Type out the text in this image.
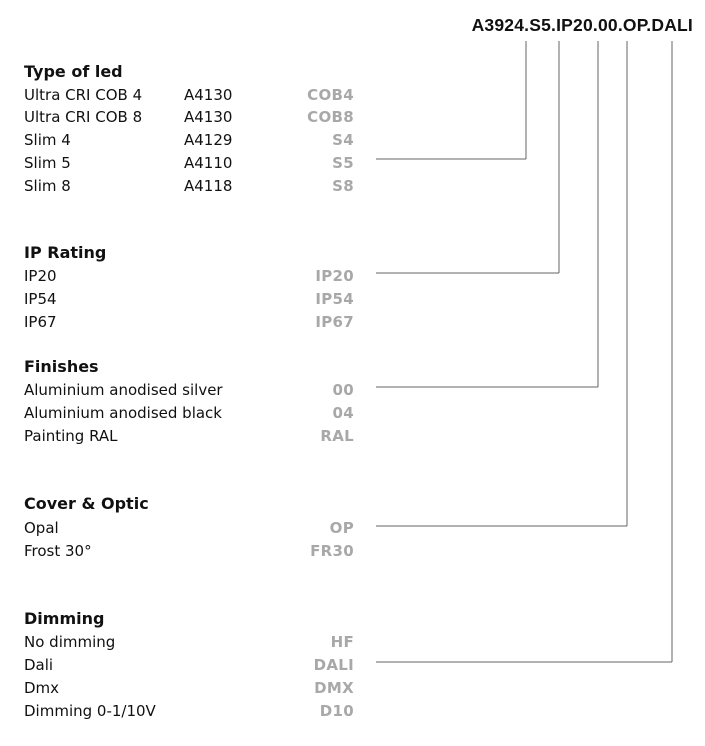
A3924.S5.IP20.00.OP.DALI
Type of led
Ultra CRI COB 4	A4130	COB4
Ultra CRI COB 8	A4130	COB8
Slim 4	A4129	S4
Slim 5	A4110	S5
Slim 8	A4118	S8
IP Rating
IP20	IP20
IP54	IP54
IP67	IP67
Finishes
Aluminium anodised silver	00
Aluminium anodised black	04
Painting RAL	RAL
Cover & Optic
Opal	OP
Frost 30°	FR30
Dimming
No dimming	HF
Dali	DALI
Dmx	DMX
Dimming 0-1/10V	D10
